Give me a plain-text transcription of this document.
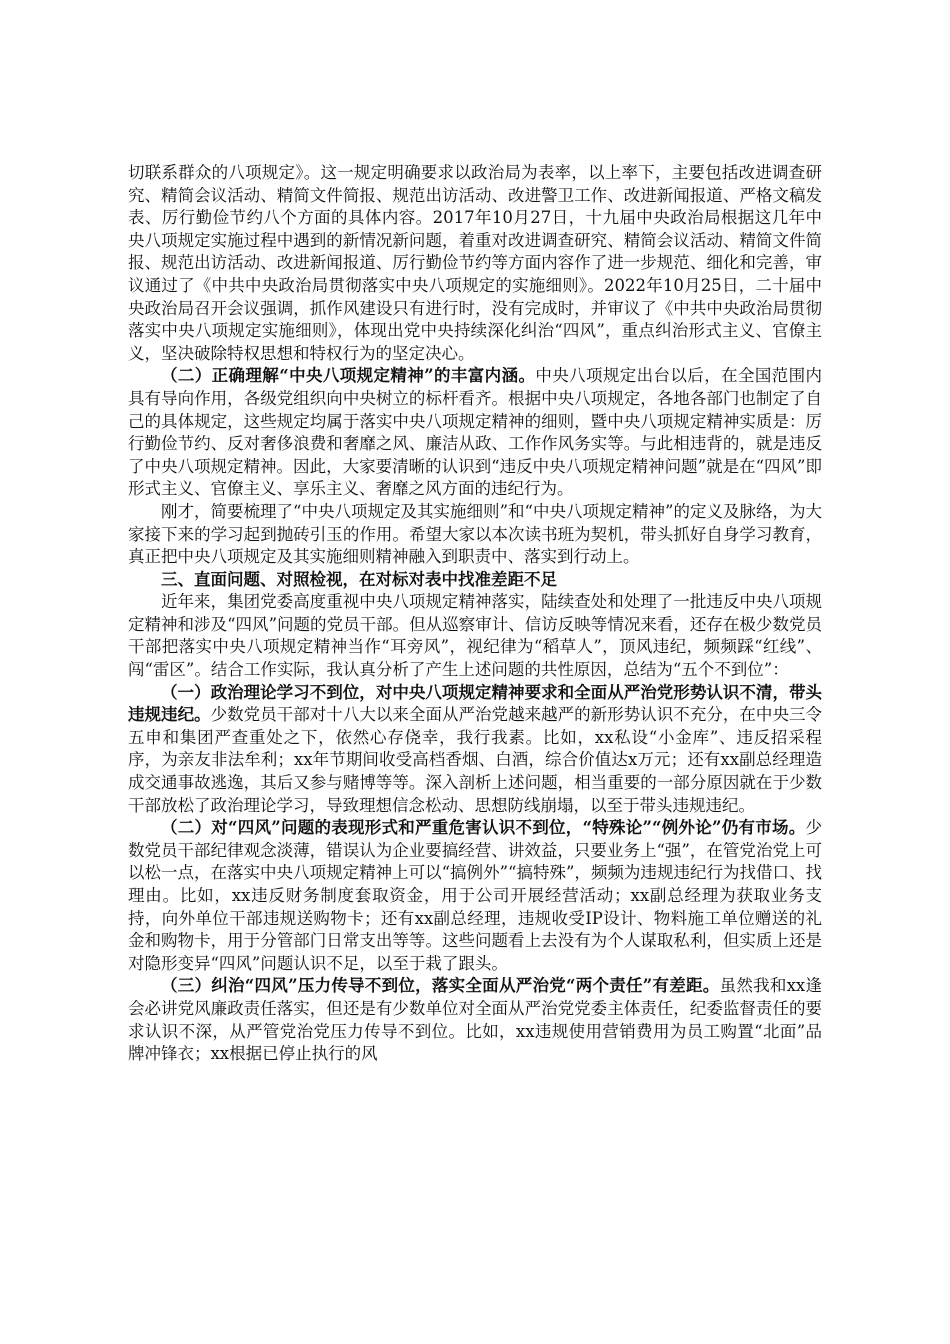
切联系群众的八项规定》。这一规定明确要求以政治局为表率，以上率下，主要包括改进调查研究、精简会议活动、精简文件简报、规范出访活动、改进警卫工作、改进新闻报道、严格文稿发表、厉行勤俭节约八个方面的具体内容。2017年10月27日，十九届中央政治局根据这几年中央八项规定实施过程中遇到的新情况新问题，着重对改进调查研究、精简会议活动、精简文件简报、规范出访活动、改进新闻报道、厉行勤俭节约等方面内容作了进一步规范、细化和完善，审议通过了《中共中央政治局贯彻落实中央八项规定的实施细则》。2022年10月25日，二十届中央政治局召开会议强调，抓作风建设只有进行时，没有完成时，并审议了《中共中央政治局贯彻落实中央八项规定实施细则》，体现出党中央持续深化纠治“四风”，重点纠治形式主义、官僚主义，坚决破除特权思想和特权行为的坚定决心。

（二）正确理解“中央八项规定精神”的丰富内涵。中央八项规定出台以后，在全国范围内具有导向作用，各级党组织向中央树立的标杆看齐。根据中央八项规定，各地各部门也制定了自己的具体规定，这些规定均属于落实中央八项规定精神的细则，暨中央八项规定精神实质是：厉行勤俭节约、反对奢侈浪费和奢靡之风、廉洁从政、工作作风务实等。与此相违背的，就是违反了中央八项规定精神。因此，大家要清晰的认识到“违反中央八项规定精神问题”就是在“四风”即形式主义、官僚主义、享乐主义、奢靡之风方面的违纪行为。

刚才，简要梳理了“中央八项规定及其实施细则”和“中央八项规定精神”的定义及脉络，为大家接下来的学习起到抛砖引玉的作用。希望大家以本次读书班为契机，带头抓好自身学习教育，真正把中央八项规定及其实施细则精神融入到职责中、落实到行动上。

三、直面问题、对照检视，在对标对表中找准差距不足

近年来，集团党委高度重视中央八项规定精神落实，陆续查处和处理了一批违反中央八项规定精神和涉及“四风”问题的党员干部。但从巡察审计、信访反映等情况来看，还存在极少数党员干部把落实中央八项规定精神当作“耳旁风”，视纪律为“稻草人”，顶风违纪，频频踩“红线”、闯“雷区”。结合工作实际，我认真分析了产生上述问题的共性原因，总结为“五个不到位”：

（一）政治理论学习不到位，对中央八项规定精神要求和全面从严治党形势认识不清，带头违规违纪。少数党员干部对十八大以来全面从严治党越来越严的新形势认识不充分，在中央三令五申和集团严查重处之下，依然心存侥幸，我行我素。比如，xx私设“小金库”、违反招采程序，为亲友非法牟利；xx年节期间收受高档香烟、白酒，综合价值达x万元；还有xx副总经理造成交通事故逃逸，其后又参与赌博等等。深入剖析上述问题，相当重要的一部分原因就在于少数干部放松了政治理论学习，导致理想信念松动、思想防线崩塌，以至于带头违规违纪。

（二）对“四风”问题的表现形式和严重危害认识不到位，“特殊论”“例外论”仍有市场。少数党员干部纪律观念淡薄，错误认为企业要搞经营、讲效益，只要业务上“强”，在管党治党上可以松一点，在落实中央八项规定精神上可以“搞例外”“搞特殊”，频频为违规违纪行为找借口、找理由。比如，xx违反财务制度套取资金，用于公司开展经营活动；xx副总经理为获取业务支持，向外单位干部违规送购物卡；还有xx副总经理，违规收受IP设计、物料施工单位赠送的礼金和购物卡，用于分管部门日常支出等等。这些问题看上去没有为个人谋取私利，但实质上还是对隐形变异“四风”问题认识不足，以至于栽了跟头。

（三）纠治“四风”压力传导不到位，落实全面从严治党“两个责任”有差距。虽然我和xx逢会必讲党风廉政责任落实，但还是有少数单位对全面从严治党党委主体责任，纪委监督责任的要求认识不深，从严管党治党压力传导不到位。比如，xx违规使用营销费用为员工购置“北面”品牌冲锋衣；xx根据已停止执行的风
